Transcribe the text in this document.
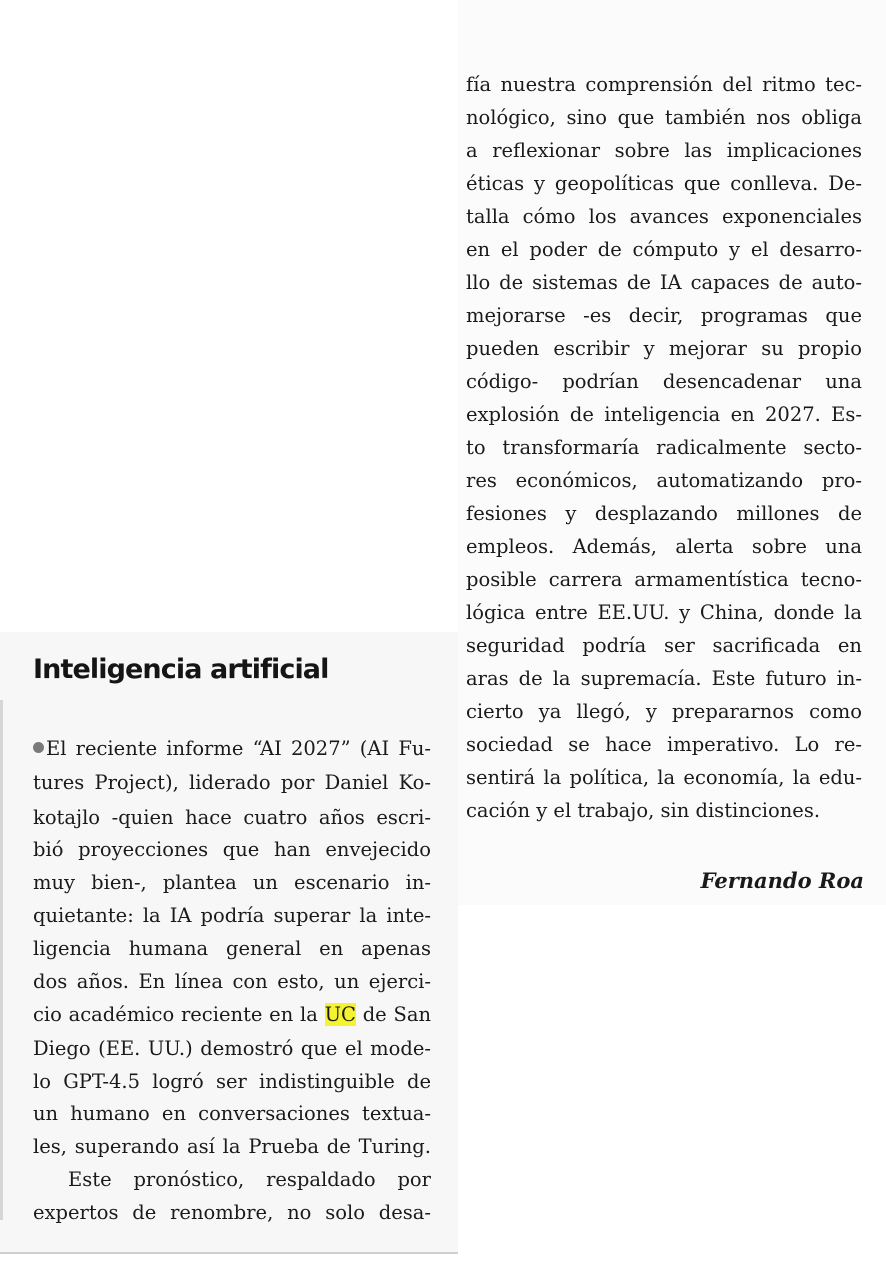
Inteligencia artificial

El reciente informe “AI 2027” (AI Fu-

tures Project), liderado por Daniel Ko-

kotajlo -quien hace cuatro años escri-

bió proyecciones que han envejecido

muy bien-, plantea un escenario in-

quietante: la IA podría superar la inte-

ligencia humana general en apenas

dos años. En línea con esto, un ejerci-

cio académico reciente en la UC de San

Diego (EE. UU.) demostró que el mode-

lo GPT-4.5 logró ser indistinguible de

un humano en conversaciones textua-

les, superando así la Prueba de Turing.

Este pronóstico, respaldado por

expertos de renombre, no solo desa-

fía nuestra comprensión del ritmo tec-

nológico, sino que también nos obliga

a reflexionar sobre las implicaciones

éticas y geopolíticas que conlleva. De-

talla cómo los avances exponenciales

en el poder de cómputo y el desarro-

llo de sistemas de IA capaces de auto-

mejorarse -es decir, programas que

pueden escribir y mejorar su propio

código- podrían desencadenar una

explosión de inteligencia en 2027. Es-

to transformaría radicalmente secto-

res económicos, automatizando pro-

fesiones y desplazando millones de

empleos. Además, alerta sobre una

posible carrera armamentística tecno-

lógica entre EE.UU. y China, donde la

seguridad podría ser sacrificada en

aras de la supremacía. Este futuro in-

cierto ya llegó, y prepararnos como

sociedad se hace imperativo. Lo re-

sentirá la política, la economía, la edu-

cación y el trabajo, sin distinciones.

Fernando Roa
